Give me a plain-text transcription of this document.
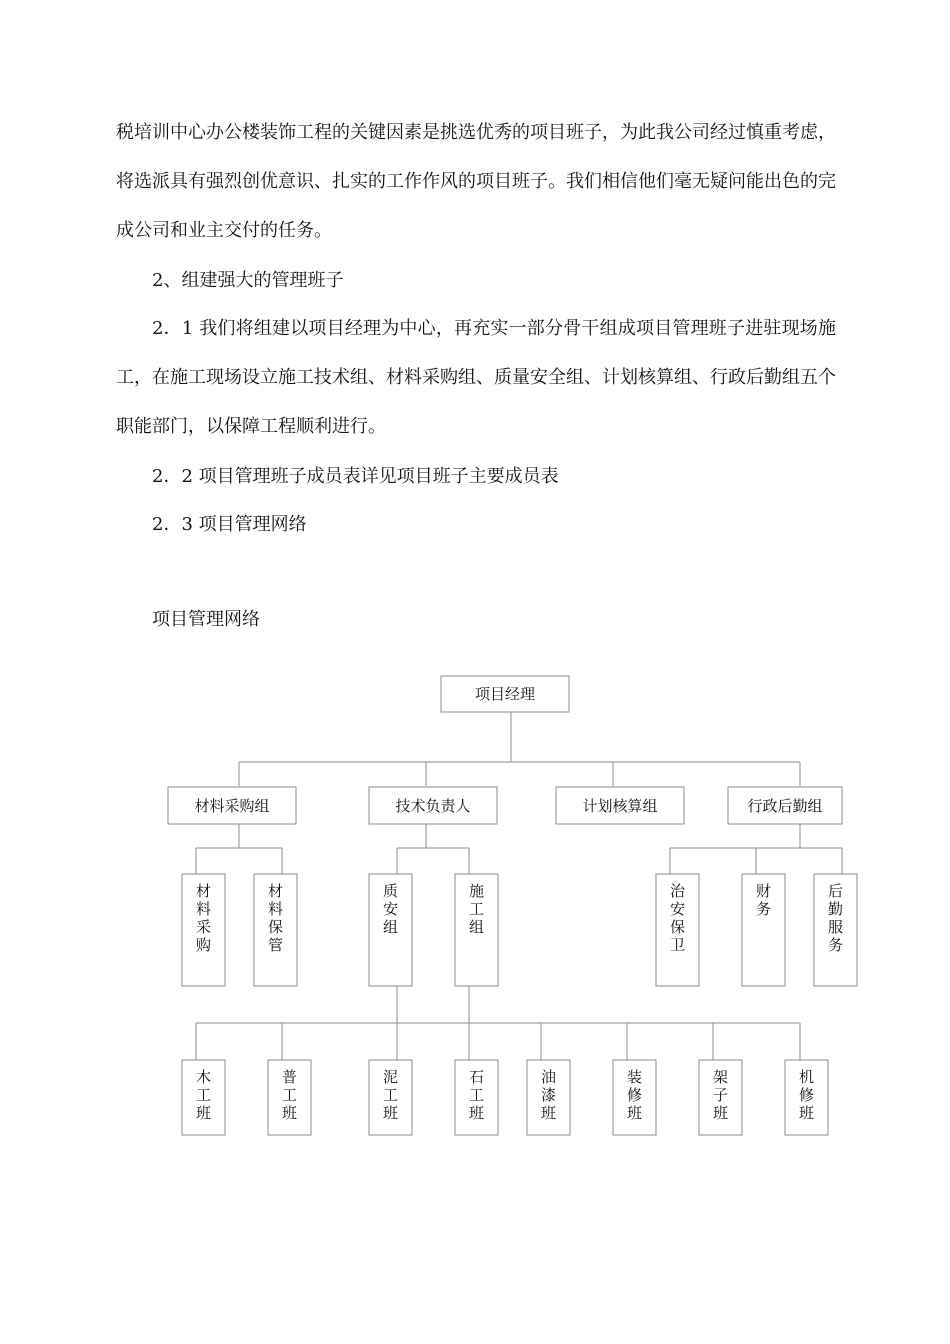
税培训中心办公楼装饰工程的关键因素是挑选优秀的项目班子，为此我公司经过慎重考虑，将选派具有强烈创优意识、扎实的工作作风的项目班子。我们相信他们毫无疑问能出色的完成公司和业主交付的任务。

2、组建强大的管理班子

2．1 我们将组建以项目经理为中心，再充实一部分骨干组成项目管理班子进驻现场施工，在施工现场设立施工技术组、材料采购组、质量安全组、计划核算组、行政后勤组五个职能部门，以保障工程顺利进行。

2．2 项目管理班子成员表详见项目班子主要成员表
2．3 项目管理网络
项目管理网络
项目经理
材料采购组	技术负责人	计划核算组	行政后勤组
材料采购
材料保管
质安组
施工组
治安保卫
财务
后勤服务
木工班
普工班
泥工班
石工班
油漆班
装修班
架子班
机修班
